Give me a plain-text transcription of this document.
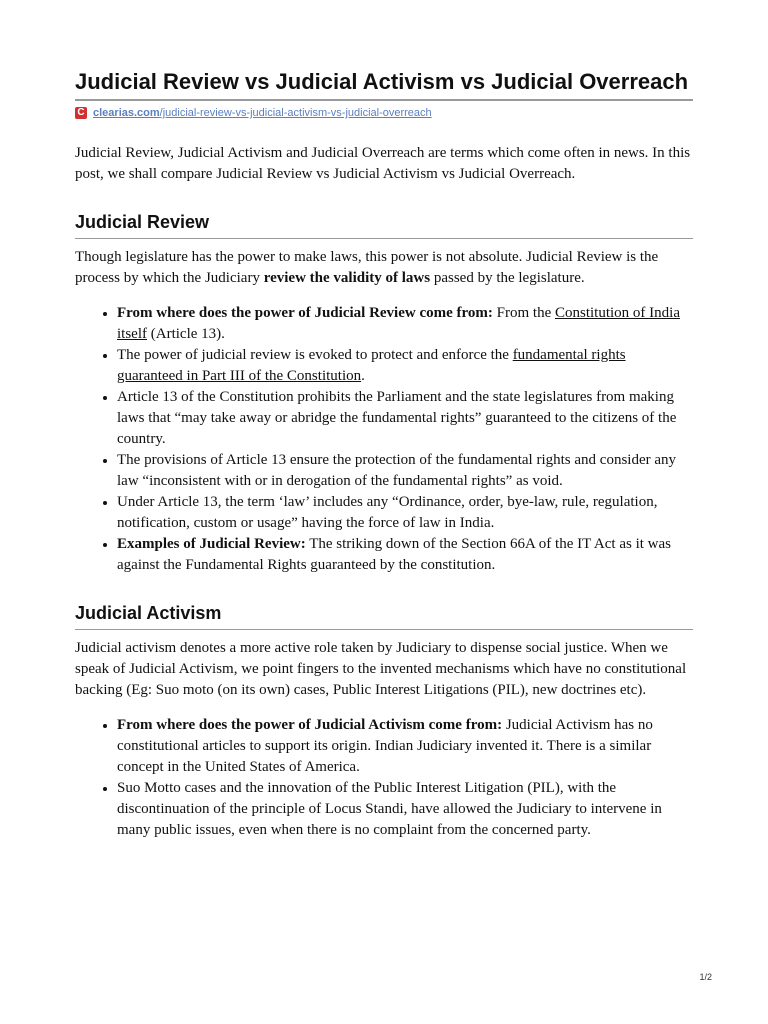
Judicial Review vs Judicial Activism vs Judicial Overreach
C clearias.com/judicial-review-vs-judicial-activism-vs-judicial-overreach

Judicial Review, Judicial Activism and Judicial Overreach are terms which come often in news. In this post, we shall compare Judicial Review vs Judicial Activism vs Judicial Overreach.

Judicial Review

Though legislature has the power to make laws, this power is not absolute. Judicial Review is the process by which the Judiciary review the validity of laws passed by the legislature.

• From where does the power of Judicial Review come from: From the Constitution of India itself (Article 13).
• The power of judicial review is evoked to protect and enforce the fundamental rights guaranteed in Part III of the Constitution.
• Article 13 of the Constitution prohibits the Parliament and the state legislatures from making laws that “may take away or abridge the fundamental rights” guaranteed to the citizens of the country.
• The provisions of Article 13 ensure the protection of the fundamental rights and consider any law “inconsistent with or in derogation of the fundamental rights” as void.
• Under Article 13, the term ‘law’ includes any “Ordinance, order, bye-law, rule, regulation, notification, custom or usage” having the force of law in India.
• Examples of Judicial Review: The striking down of the Section 66A of the IT Act as it was against the Fundamental Rights guaranteed by the constitution.
Judicial Activism

Judicial activism denotes a more active role taken by Judiciary to dispense social justice. When we speak of Judicial Activism, we point fingers to the invented mechanisms which have no constitutional backing (Eg: Suo moto (on its own) cases, Public Interest Litigations (PIL), new doctrines etc).

• From where does the power of Judicial Activism come from: Judicial Activism has no constitutional articles to support its origin. Indian Judiciary invented it. There is a similar concept in the United States of America.
• Suo Motto cases and the innovation of the Public Interest Litigation (PIL), with the discontinuation of the principle of Locus Standi, have allowed the Judiciary to intervene in many public issues, even when there is no complaint from the concerned party.
1/2
